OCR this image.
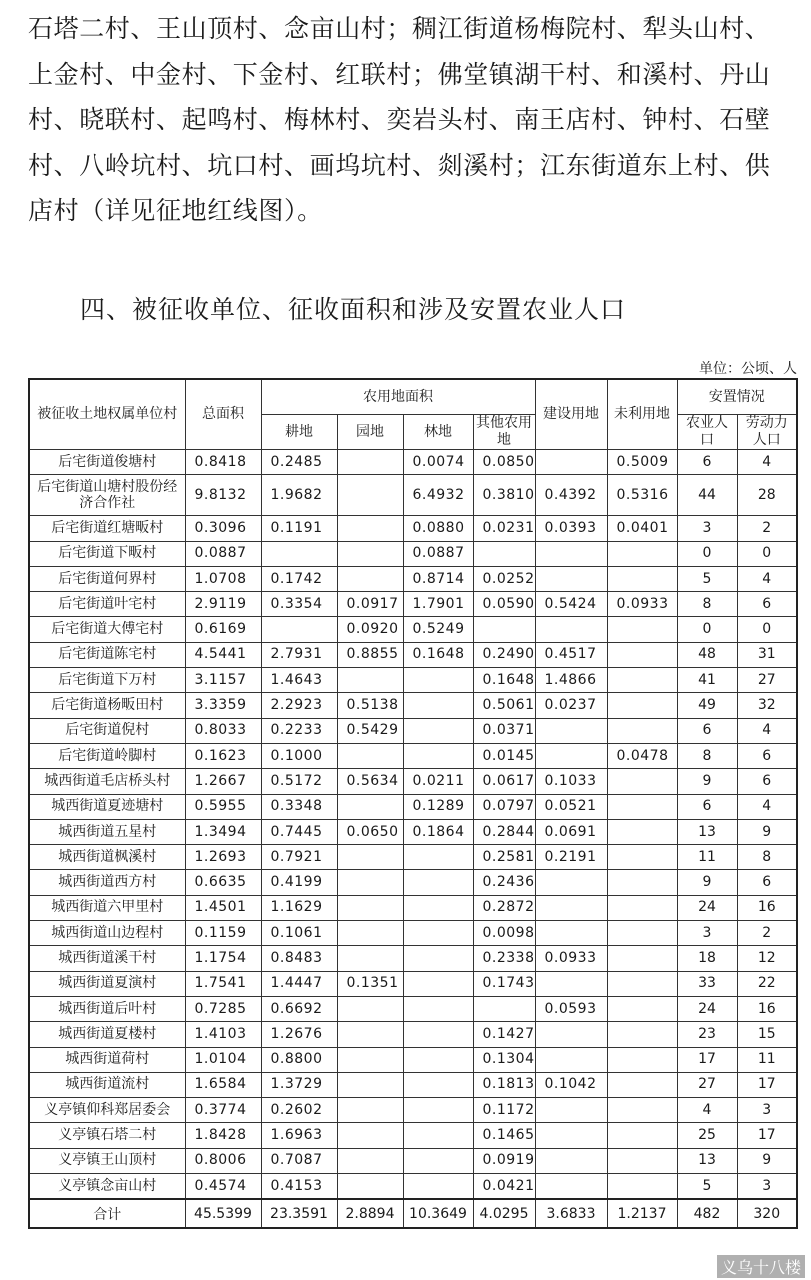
石塔二村、王山顶村、念亩山村；稠江街道杨梅院村、犁头山村、
上金村、中金村、下金村、红联村；佛堂镇湖干村、和溪村、丹山
村、晓联村、起鸣村、梅林村、奕岩头村、南王店村、钟村、石壁
村、八岭坑村、坑口村、画坞坑村、剡溪村；江东街道东上村、供
店村（详见征地红线图）。
四、被征收单位、征收面积和涉及安置农业人口
单位：公顷、人
被征收土地权属单位村	总面积	农用地面积				建设用地	未利用地	安置情况	
		耕地	园地	林地	其他农用地			农业人口	劳动力人口
后宅街道俊塘村	0.8418	0.2485		0.0074	0.0850		0.5009	6	4
后宅街道山塘村股份经济合作社	9.8132	1.9682		6.4932	0.3810	0.4392	0.5316	44	28
后宅街道红塘畈村	0.3096	0.1191		0.0880	0.0231	0.0393	0.0401	3	2
后宅街道下畈村	0.0887			0.0887				0	0
后宅街道何界村	1.0708	0.1742		0.8714	0.0252			5	4
后宅街道叶宅村	2.9119	0.3354	0.0917	1.7901	0.0590	0.5424	0.0933	8	6
后宅街道大傅宅村	0.6169		0.0920	0.5249				0	0
后宅街道陈宅村	4.5441	2.7931	0.8855	0.1648	0.2490	0.4517		48	31
后宅街道下万村	3.1157	1.4643			0.1648	1.4866		41	27
后宅街道杨畈田村	3.3359	2.2923	0.5138		0.5061	0.0237		49	32
后宅街道倪村	0.8033	0.2233	0.5429		0.0371			6	4
后宅街道岭脚村	0.1623	0.1000			0.0145		0.0478	8	6
城西街道毛店桥头村	1.2667	0.5172	0.5634	0.0211	0.0617	0.1033		9	6
城西街道夏迹塘村	0.5955	0.3348		0.1289	0.0797	0.0521		6	4
城西街道五星村	1.3494	0.7445	0.0650	0.1864	0.2844	0.0691		13	9
城西街道枫溪村	1.2693	0.7921			0.2581	0.2191		11	8
城西街道西方村	0.6635	0.4199			0.2436			9	6
城西街道六甲里村	1.4501	1.1629			0.2872			24	16
城西街道山边程村	0.1159	0.1061			0.0098			3	2
城西街道溪干村	1.1754	0.8483			0.2338	0.0933		18	12
城西街道夏演村	1.7541	1.4447	0.1351		0.1743			33	22
城西街道后叶村	0.7285	0.6692				0.0593		24	16
城西街道夏楼村	1.4103	1.2676			0.1427			23	15
城西街道荷村	1.0104	0.8800			0.1304			17	11
城西街道流村	1.6584	1.3729			0.1813	0.1042		27	17
义亭镇仰科郑居委会	0.3774	0.2602			0.1172			4	3
义亭镇石塔二村	1.8428	1.6963			0.1465			25	17
义亭镇王山顶村	0.8006	0.7087			0.0919			13	9
义亭镇念亩山村	0.4574	0.4153			0.0421			5	3
合计	45.5399	23.3591	2.8894	10.3649	4.0295	3.6833	1.2137	482	320
义乌十八楼
